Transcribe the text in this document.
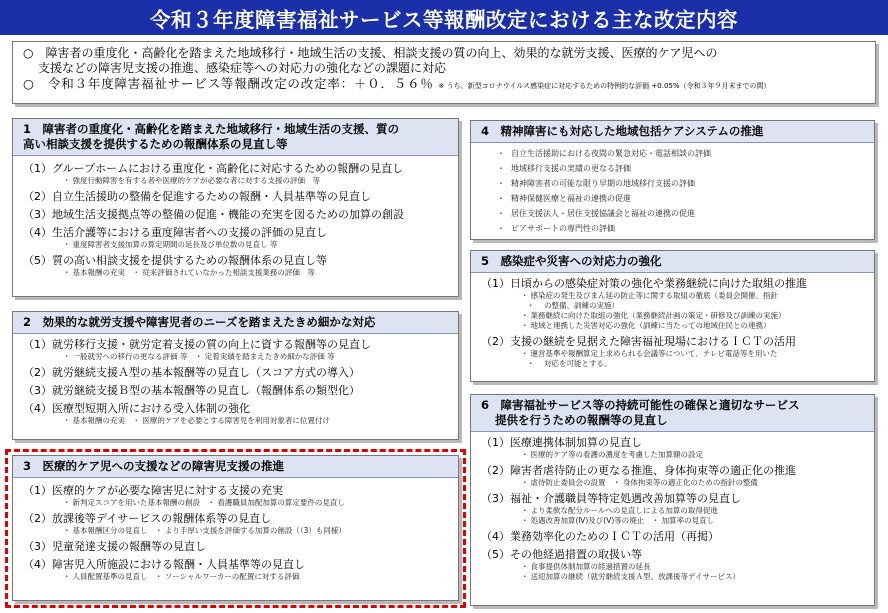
令和３年度障害福祉サービス等報酬改定における主な改定内容
○　障害者の重度化・高齢化を踏まえた地域移行・地域生活の支援、相談支援の質の向上、効果的な就労支援、医療的ケア児への
支援などの障害児支援の推進、感染症等への対応力の強化などの課題に対応
○　令和３年度障害福祉サービス等報酬改定の改定率：＋０．５６％ ※ うち、新型コロナウイルス感染症に対応するための特例的な評価 +0.05%（令和３年９月末までの間）
1　障害者の重度化・高齢化を踏まえた地域移行・地域生活の支援、質の
高い相談支援を提供するための報酬体系の見直し等
（1）グループホームにおける重度化・高齢化に対応するための報酬の見直し
・ 強度行動障害を有する者や医療的ケアが必要な者に対する支援の評価　等
（2）自立生活援助の整備を促進するための報酬・人員基準等の見直し
（3）地域生活支援拠点等の整備の促進・機能の充実を図るための加算の創設
（4）生活介護等における重度障害者への支援の評価の見直し
・ 重度障害者支援加算の算定期間の延長及び単位数の見直し 等
（5）質の高い相談支援を提供するための報酬体系の見直し等
・ 基本報酬の充実　・ 従来評価されていなかった相談支援業務の評価　等
2　効果的な就労支援や障害児者のニーズを踏まえたきめ細かな対応
（1）就労移行支援・就労定着支援の質の向上に資する報酬等の見直し
・ 一般就労への移行の更なる評価 等　・ 定着実績を踏まえたきめ細かな評価 等
（2）就労継続支援Ａ型の基本報酬等の見直し（スコア方式の導入）
（3）就労継続支援Ｂ型の基本報酬等の見直し（報酬体系の類型化）
（4）医療型短期入所における受入体制の強化
・ 基本報酬の充実　・ 医療的ケアを必要とする障害児を利用対象者に位置付け
3　医療的ケア児への支援などの障害児支援の推進
（1）医療的ケアが必要な障害児に対する支援の充実
・ 新判定スコアを用いた基本報酬の創設　・ 看護職員加配加算の算定要件の見直し
（2）放課後等デイサービスの報酬体系等の見直し
・ 基本報酬区分の見直し　・ より手厚い支援を評価する加算の創設（（3）も同様）
（3）児童発達支援の報酬等の見直し
（4）障害児入所施設における報酬・人員基準等の見直し
・ 人員配置基準の見直し　・ ソーシャルワーカーの配置に対する評価
4　精神障害にも対応した地域包括ケアシステムの推進
・ 自立生活援助における夜間の緊急対応・電話相談の評価
・ 地域移行支援の実績の更なる評価
・ 精神障害者の可能な限り早期の地域移行支援の評価
・ 精神保健医療と福祉の連携の促進
・ 居住支援法人・居住支援協議会と福祉の連携の促進
・ ピアサポートの専門性の評価
5　感染症や災害への対応力の強化
（1）日頃からの感染症対策の強化や業務継続に向けた取組の推進
・ 感染症の発生及びまん延の防止等に関する取組の徹底（委員会開催、指針
・ 　の整備、訓練の実施）
・ 業務継続に向けた取組の強化（業務継続計画の策定・研修及び訓練の実施）
・ 地域と連携した災害対応の強化（訓練に当たっての地域住民との連携）
（2）支援の継続を見据えた障害福祉現場におけるＩＣＴの活用
・ 運営基準や報酬算定上求められる会議等について、テレビ電話等を用いた
・ 　対応を可能とする。
6　障害福祉サービス等の持続可能性の確保と適切なサービス
提供を行うための報酬等の見直し
（1）医療連携体制加算の見直し
・ 医療的ケア等の看護の濃度を考慮した加算額の設定
（2）障害者虐待防止の更なる推進、身体拘束等の適正化の推進
・ 虐待防止委員会の設置　・ 身体拘束等の適正化のための指針の整備
（3）福祉・介護職員等特定処遇改善加算等の見直し
・ より柔軟な配分ルールへの見直しによる加算の取得促進
・ 処遇改善加算(Ⅳ)及び(Ⅴ)等の廃止　・ 加算率の見直し
（4）業務効率化のためのＩＣＴの活用（再掲）
（5）その他経過措置の取扱い等
・ 食事提供体制加算の経過措置の延長
・ 送迎加算の継続（就労継続支援Ａ型、放課後等デイサービス）
